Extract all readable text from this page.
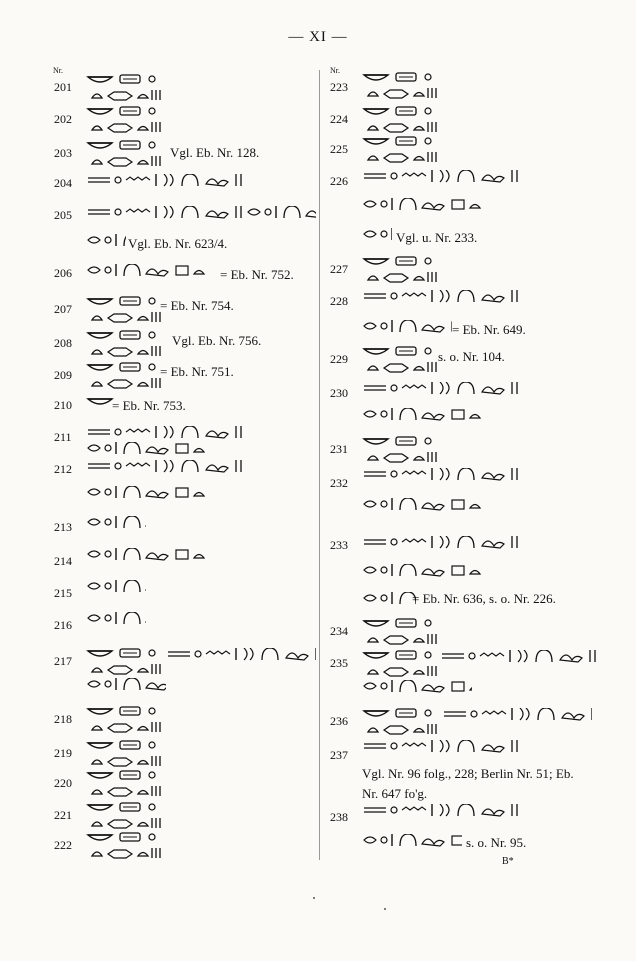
— XI —
Nr.	Nr.
201
202
203	Vgl. Eb. Nr. 128.
204
205
Vgl. Eb. Nr. 623/4.
206	= Eb. Nr. 752.
207	= Eb. Nr. 754.
208	Vgl. Eb. Nr. 756.
209	= Eb. Nr. 751.
210	= Eb. Nr. 753.
211
212
213
214
215
216
217
218
219
220
221
222
223
224
225
226
Vgl. u. Nr. 233.
227
228
= Eb. Nr. 649.
229	s. o. Nr. 104.
230
231
232
233
= Eb. Nr. 636, s. o. Nr. 226.
234
235
236
237
Vgl. Nr. 96 folg., 228; Berlin Nr. 51; Eb.
Nr. 647 fo'g.
238
s. o. Nr. 95.
B*
